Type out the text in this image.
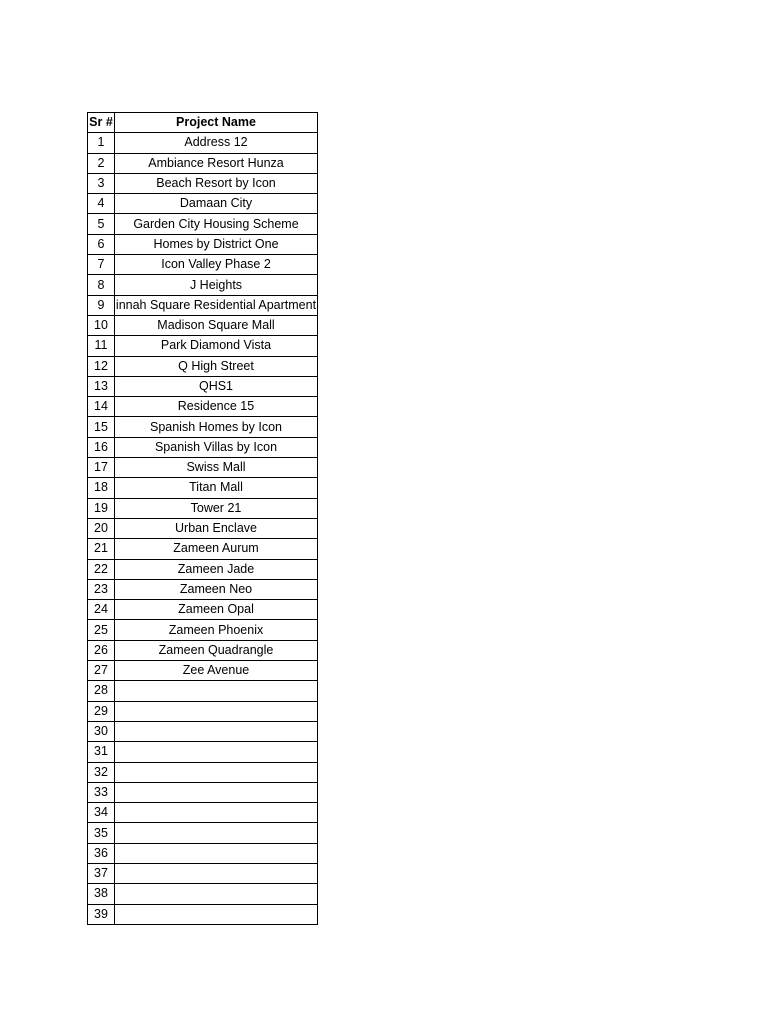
Sr #	Project Name
1	Address 12
2	Ambiance Resort Hunza
3	Beach Resort by Icon
4	Damaan City
5	Garden City Housing Scheme
6	Homes by District One
7	Icon Valley Phase 2
8	J Heights
9	innah Square Residential Apartment
10	Madison Square Mall
11	Park Diamond Vista
12	Q High Street
13	QHS1
14	Residence 15
15	Spanish Homes by Icon
16	Spanish Villas by Icon
17	Swiss Mall
18	Titan Mall
19	Tower 21
20	Urban Enclave
21	Zameen Aurum
22	Zameen Jade
23	Zameen Neo
24	Zameen Opal
25	Zameen Phoenix
26	Zameen Quadrangle
27	Zee Avenue
28	
29	
30	
31	
32	
33	
34	
35	
36	
37	
38	
39	
